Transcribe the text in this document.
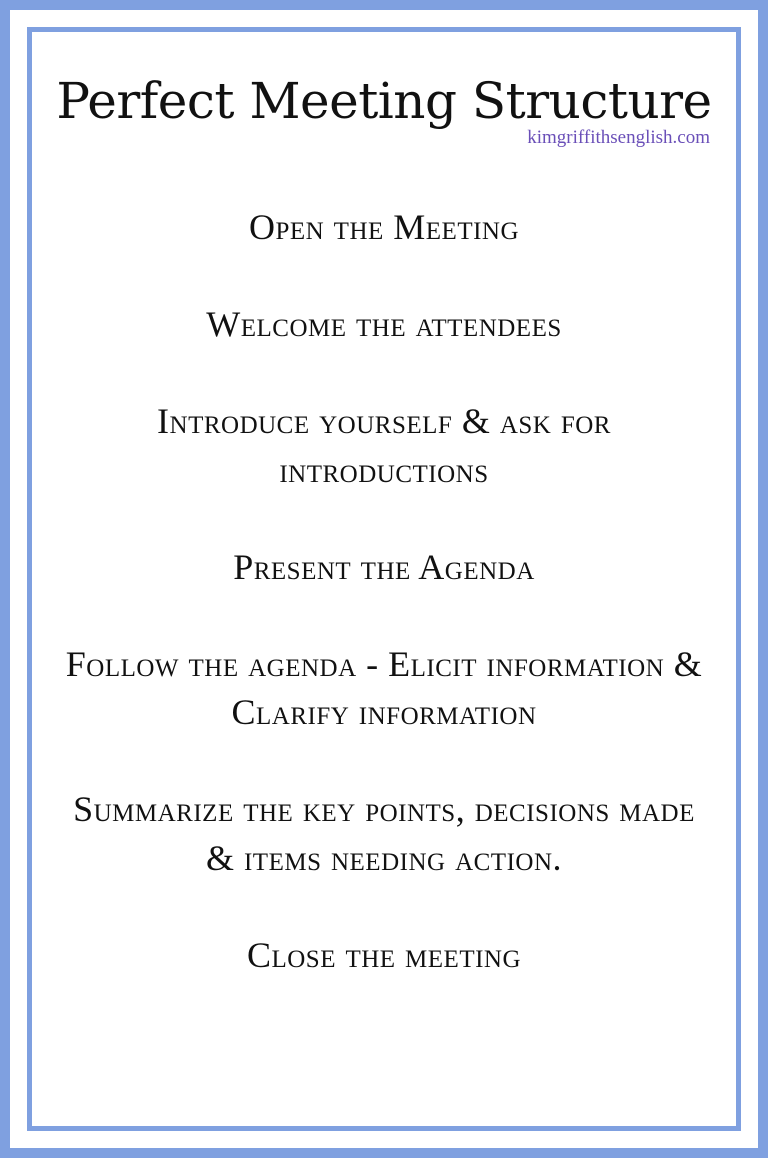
Perfect Meeting Structure
kimgriffithsenglish.com

Open the Meeting

Welcome the attendees

Introduce yourself & ask for introductions

Present the Agenda

Follow the agenda - Elicit information & Clarify information

Summarize the key points, decisions made & items needing action.

Close the meeting
